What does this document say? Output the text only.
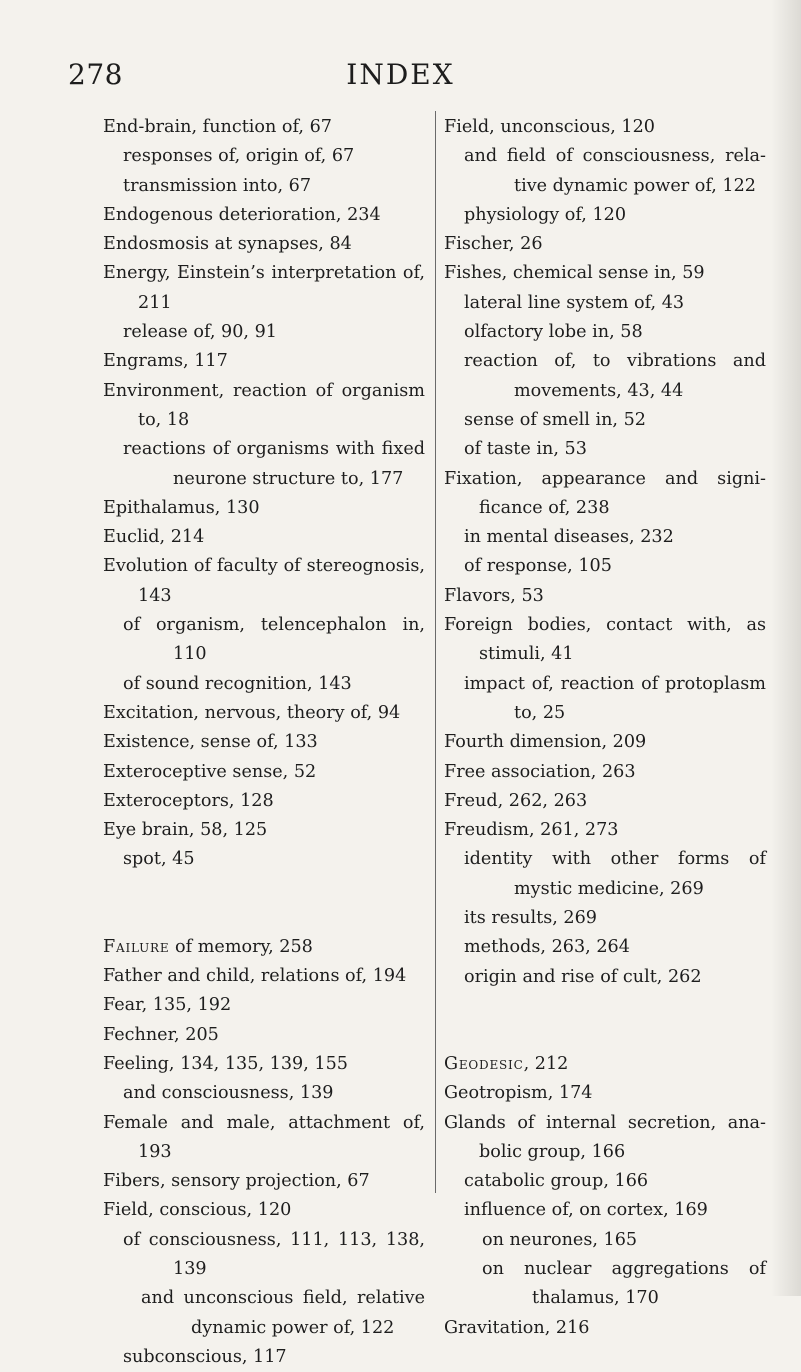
278	INDEX
End-brain, function of, 67
responses of, origin of, 67
transmission into, 67
Endogenous deterioration, 234
Endosmosis at synapses, 84
Energy, Einstein’s interpretation of, 211
release of, 90, 91
Engrams, 117
Environment, reaction of organism to, 18
reactions of organisms with fixed neurone structure to, 177
Epithalamus, 130
Euclid, 214
Evolution of faculty of stereognosis, 143
of organism, telencephalon in, 110
of sound recognition, 143
Excitation, nervous, theory of, 94
Existence, sense of, 133
Exteroceptive sense, 52
Exteroceptors, 128
Eye brain, 58, 125
spot, 45
Failure of memory, 258
Father and child, relations of, 194
Fear, 135, 192
Fechner, 205
Feeling, 134, 135, 139, 155
and consciousness, 139
Female and male, attachment of, 193
Fibers, sensory projection, 67
Field, conscious, 120
of consciousness, 111, 113, 138, 139
and unconscious field, relative dynamic power of, 122
subconscious, 117
Field, unconscious, 120
and field of consciousness, relative dynamic power of, 122
physiology of, 120
Fischer, 26
Fishes, chemical sense in, 59
lateral line system of, 43
olfactory lobe in, 58
reaction of, to vibrations and movements, 43, 44
sense of smell in, 52
of taste in, 53
Fixation, appearance and significance of, 238
in mental diseases, 232
of response, 105
Flavors, 53
Foreign bodies, contact with, as stimuli, 41
impact of, reaction of protoplasm to, 25
Fourth dimension, 209
Free association, 263
Freud, 262, 263
Freudism, 261, 273
identity with other forms of mystic medicine, 269
its results, 269
methods, 263, 264
origin and rise of cult, 262
Geodesic, 212
Geotropism, 174
Glands of internal secretion, anabolic group, 166
catabolic group, 166
influence of, on cortex, 169
on neurones, 165
on nuclear aggregations of thalamus, 170
Gravitation, 216
